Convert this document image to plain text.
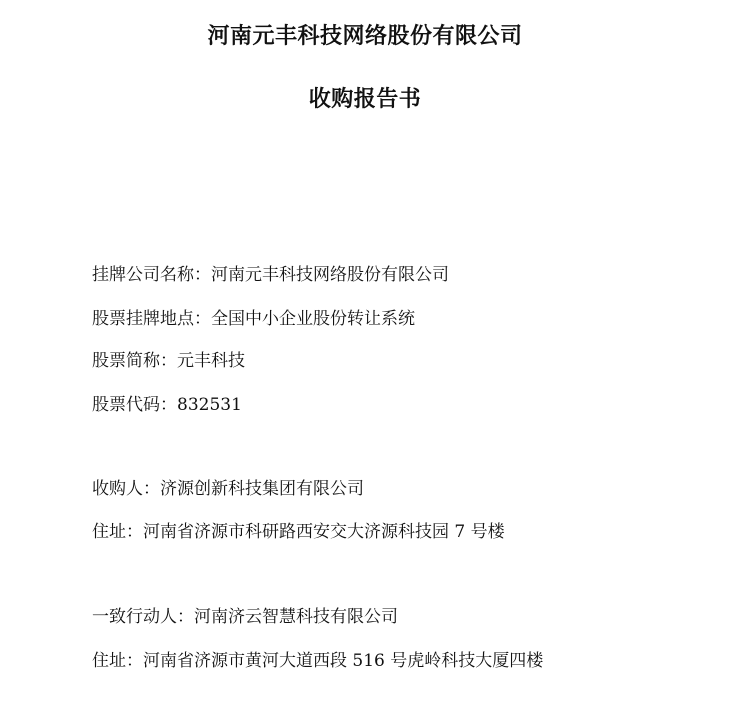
河南元丰科技网络股份有限公司
收购报告书
挂牌公司名称：河南元丰科技网络股份有限公司
股票挂牌地点：全国中小企业股份转让系统
股票简称：元丰科技
股票代码：832531
收购人：济源创新科技集团有限公司
住址：河南省济源市科研路西安交大济源科技园 7 号楼
一致行动人：河南济云智慧科技有限公司
住址：河南省济源市黄河大道西段 516 号虎岭科技大厦四楼
